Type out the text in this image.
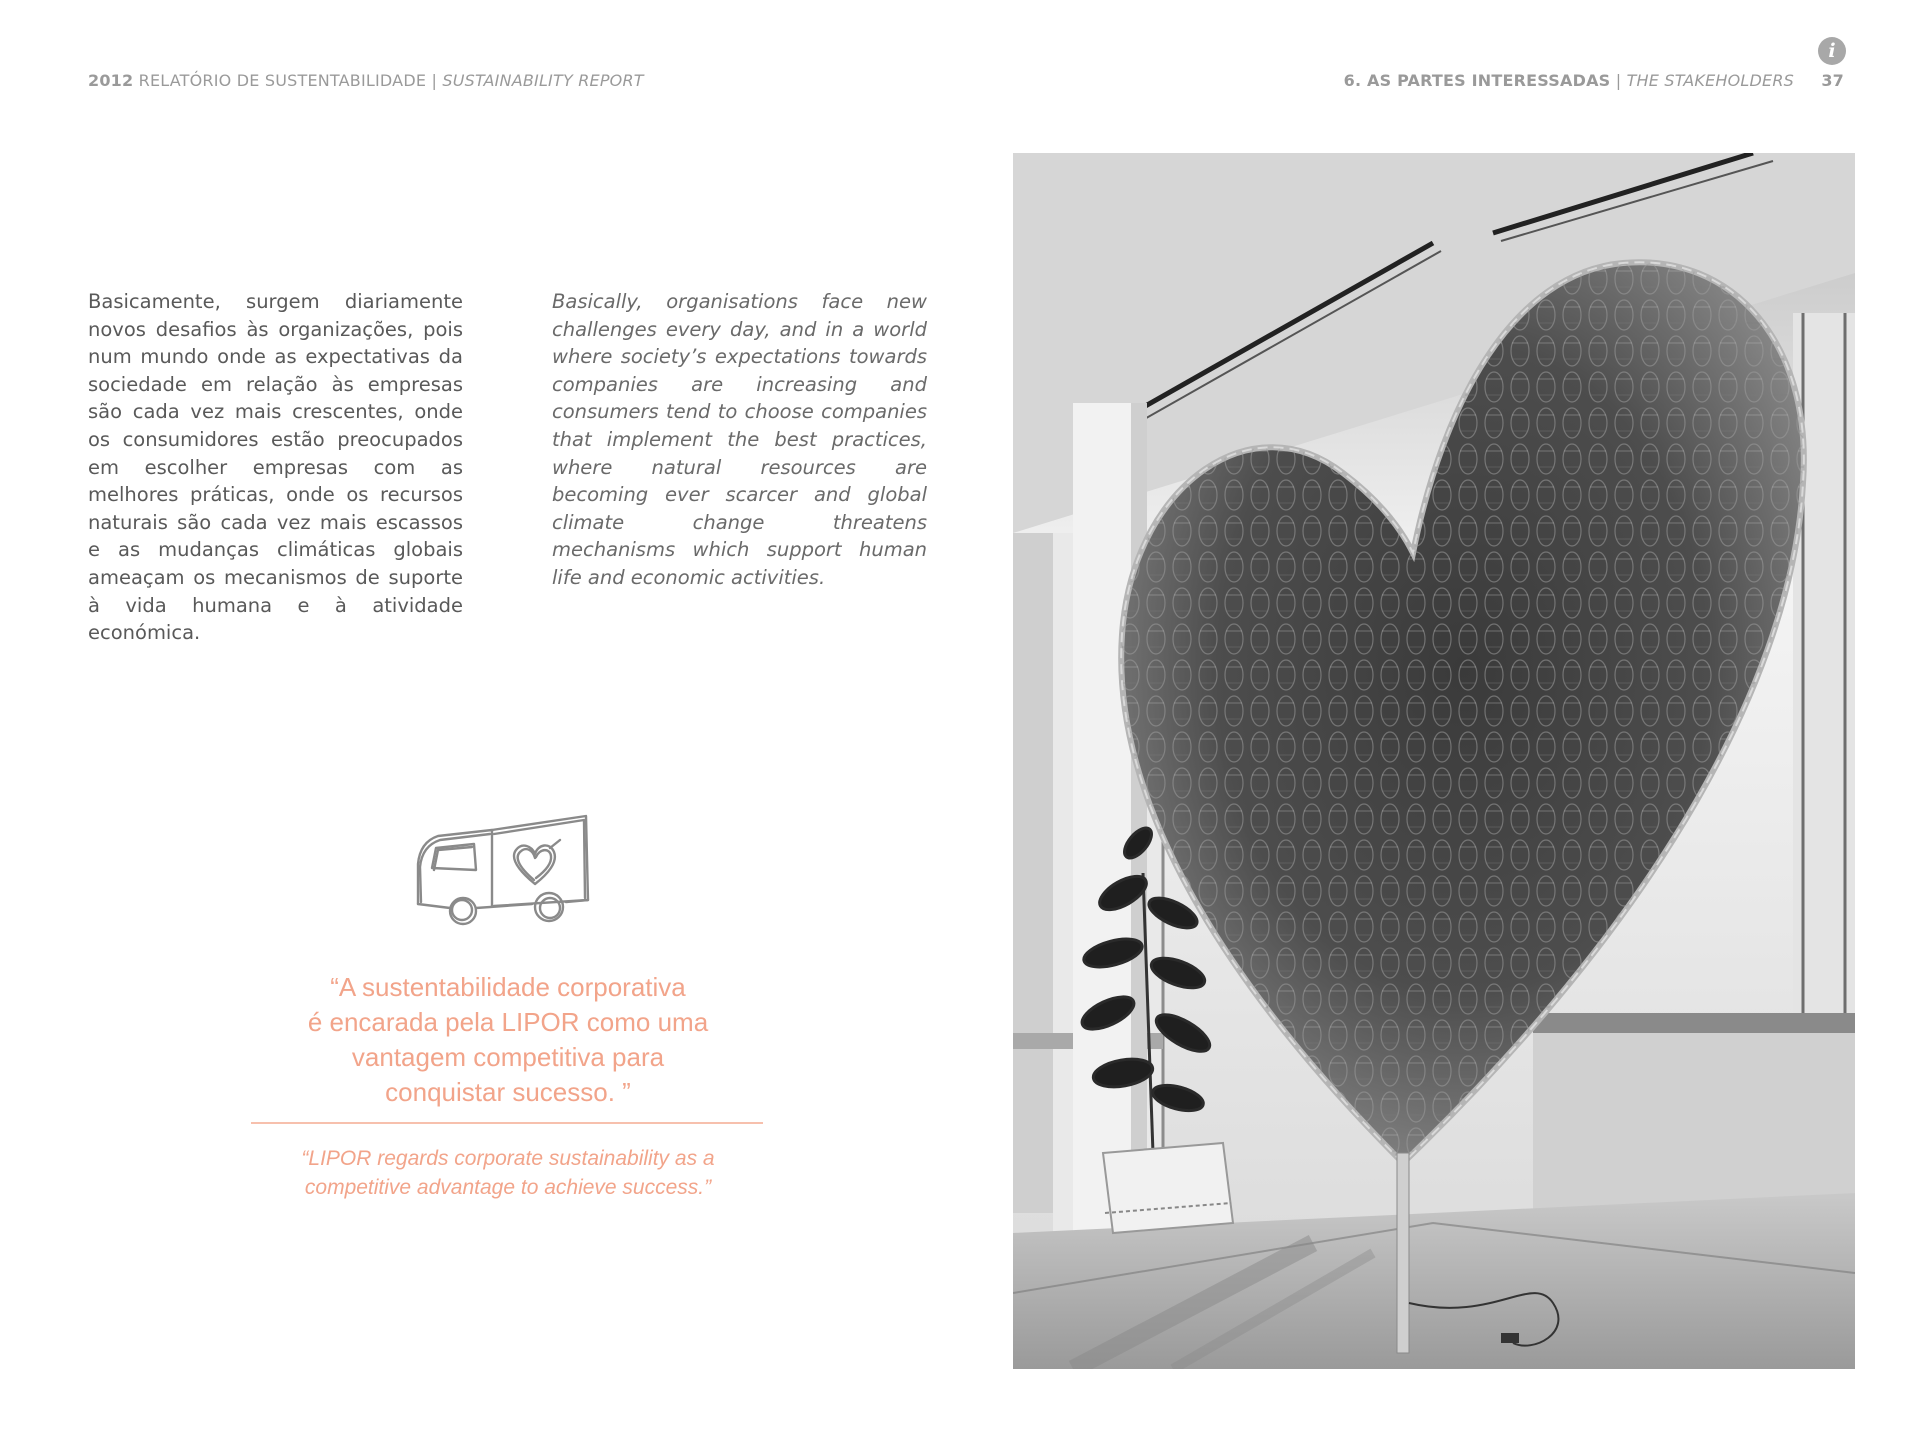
2012 RELATÓRIO DE SUSTENTABILIDADE | SUSTAINABILITY REPORT	6. AS PARTES INTERESSADAS | THE STAKEHOLDERS 37
i
Basicamente, surgem diariamente novos desafios às organizações, pois num mundo onde as expectativas da sociedade em relação às empresas são cada vez mais crescentes, onde os consumidores estão preocupados em escolher empresas com as melhores práticas, onde os recursos naturais são cada vez mais escassos e as mudanças climáticas globais ameaçam os mecanismos de suporte à vida humana e à atividade económica.
Basically, organisations face new challenges every day, and in a world where society’s expectations towards companies are increasing and consumers tend to choose companies that implement the best practices, where natural resources are becoming ever scarcer and global climate change threatens mechanisms which support human life and economic activities.
“A sustentabilidade corporativa
é encarada pela LIPOR como uma
vantagem competitiva para
conquistar sucesso. ”
“LIPOR regards corporate sustainability as a
competitive advantage to achieve success.”
